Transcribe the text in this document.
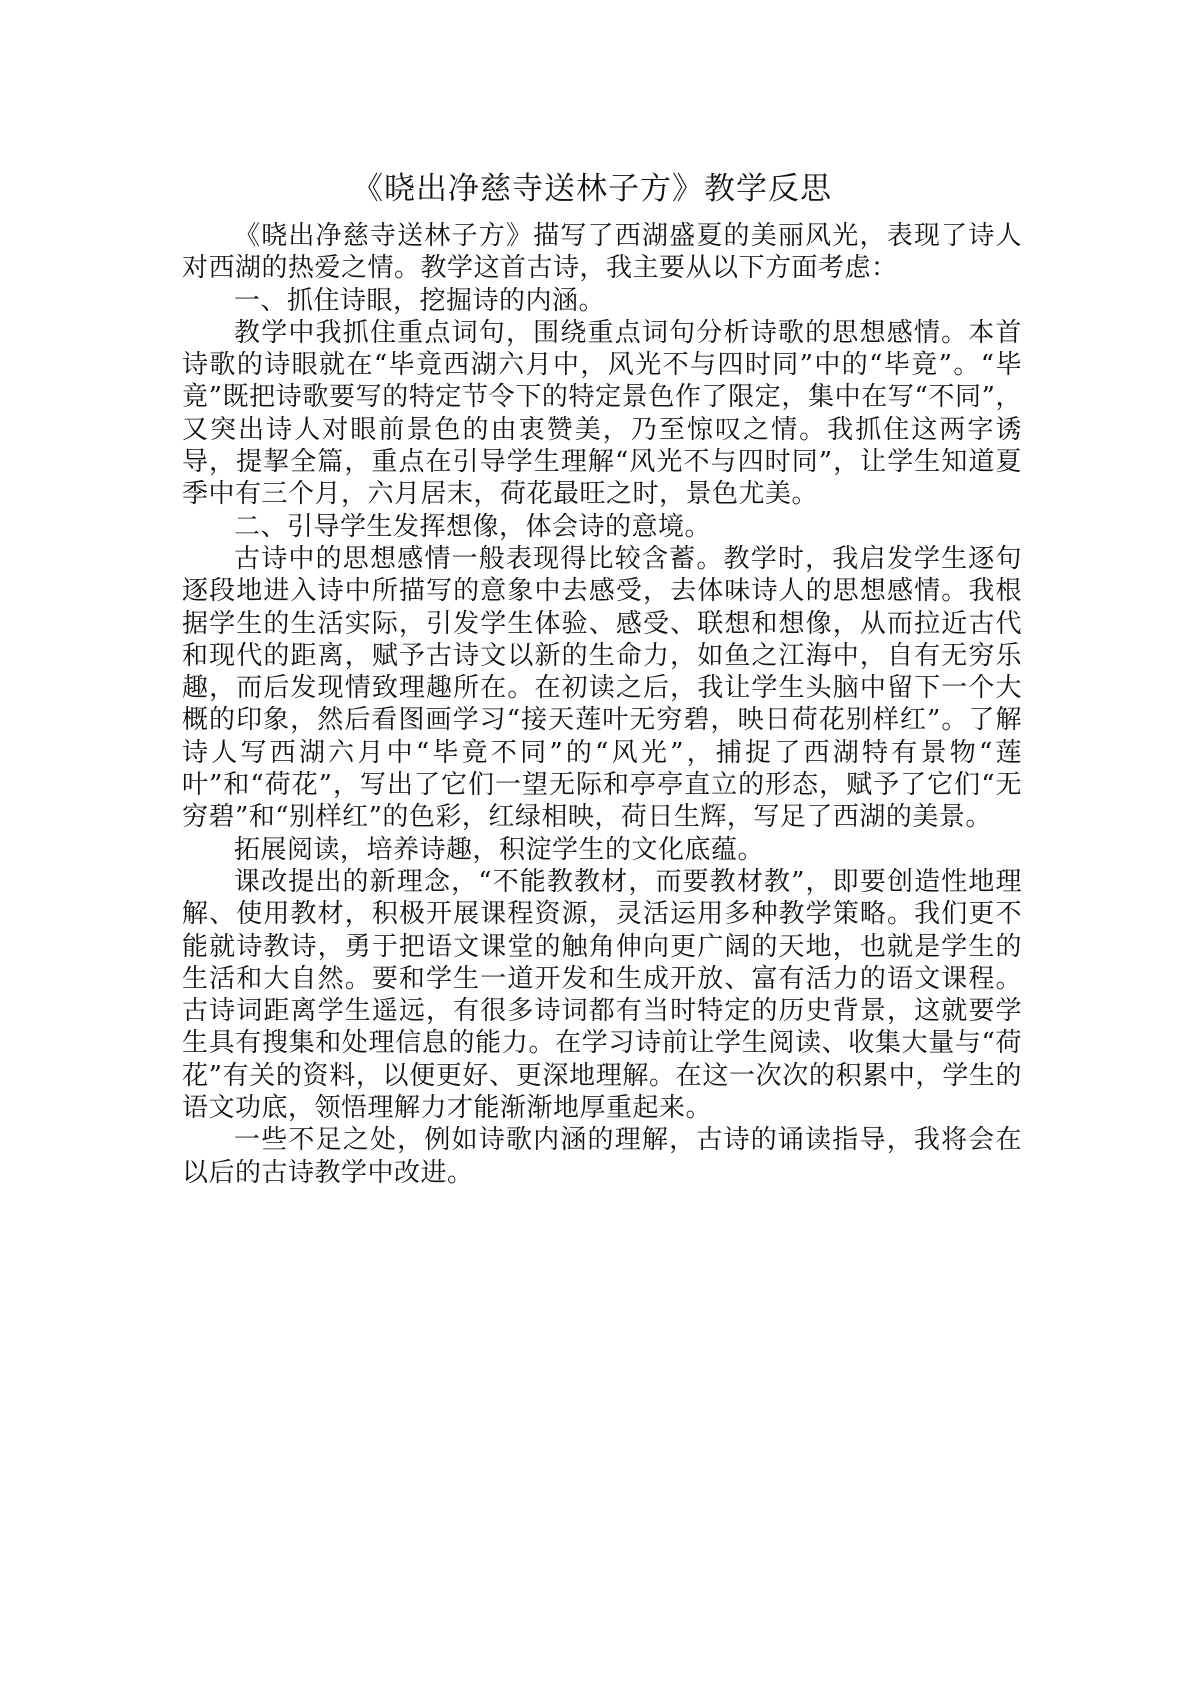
《晓出净慈寺送林子方》教学反思

《晓出净慈寺送林子方》描写了西湖盛夏的美丽风光，表现了诗人对西湖的热爱之情。教学这首古诗，我主要从以下方面考虑：

一、抓住诗眼，挖掘诗的内涵。

教学中我抓住重点词句，围绕重点词句分析诗歌的思想感情。本首诗歌的诗眼就在“毕竟西湖六月中，风光不与四时同”中的“毕竟”。“毕竟”既把诗歌要写的特定节令下的特定景色作了限定，集中在写“不同”，又突出诗人对眼前景色的由衷赞美，乃至惊叹之情。我抓住这两字诱导，提挈全篇，重点在引导学生理解“风光不与四时同”，让学生知道夏季中有三个月，六月居末，荷花最旺之时，景色尤美。

二、引导学生发挥想像，体会诗的意境。

古诗中的思想感情一般表现得比较含蓄。教学时，我启发学生逐句逐段地进入诗中所描写的意象中去感受，去体味诗人的思想感情。我根据学生的生活实际，引发学生体验、感受、联想和想像，从而拉近古代和现代的距离，赋予古诗文以新的生命力，如鱼之江海中，自有无穷乐趣，而后发现情致理趣所在。在初读之后，我让学生头脑中留下一个大概的印象，然后看图画学习“接天莲叶无穷碧，映日荷花别样红”。了解诗人写西湖六月中“毕竟不同”的“风光”，捕捉了西湖特有景物“莲叶”和“荷花”，写出了它们一望无际和亭亭直立的形态，赋予了它们“无穷碧”和“别样红”的色彩，红绿相映，荷日生辉，写足了西湖的美景。

拓展阅读，培养诗趣，积淀学生的文化底蕴。

课改提出的新理念，“不能教教材，而要教材教”，即要创造性地理解、使用教材，积极开展课程资源，灵活运用多种教学策略。我们更不能就诗教诗，勇于把语文课堂的触角伸向更广阔的天地，也就是学生的生活和大自然。要和学生一道开发和生成开放、富有活力的语文课程。古诗词距离学生遥远，有很多诗词都有当时特定的历史背景，这就要学生具有搜集和处理信息的能力。在学习诗前让学生阅读、收集大量与“荷花”有关的资料，以便更好、更深地理解。在这一次次的积累中，学生的语文功底，领悟理解力才能渐渐地厚重起来。

一些不足之处，例如诗歌内涵的理解，古诗的诵读指导，我将会在以后的古诗教学中改进。
